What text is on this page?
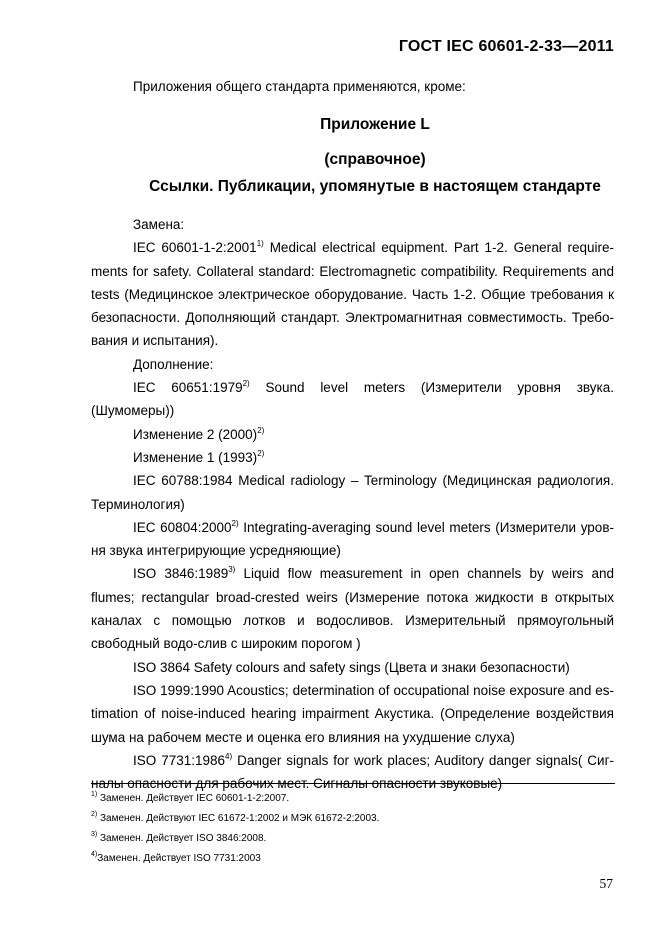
ГОСТ IEC 60601-2-33—2011
Приложения общего стандарта применяются, кроме:
Приложение L
(справочное)
Ссылки. Публикации, упомянутые в настоящем стандарте

Замена:

IEC 60601-1-2:2001$^{1)}$ Medical electrical equipment. Part 1-2. General require-ments for safety. Collateral standard: Electromagnetic compatibility. Requirements and tests (Медицинское электрическое оборудование. Часть 1-2. Общие требования к безопасности. Дополняющий стандарт. Электромагнитная совместимость. Требо-вания и испытания).

Дополнение:

IEC 60651:1979$^{2)}$ Sound level meters (Измерители уровня звука. (Шумомеры))

Изменение 2 $(2000)^{2)}$

Изменение 1 $(1993)^{2)}$

IEC 60788:1984 Medical radiology – Terminology (Медицинская радиология. Терминология)

IEC 60804:2000$^{2)}$ Integrating-averaging sound level meters (Измерители уров-ня звука интегрирующие усредняющие)

ISO 3846:1989$^{3)}$ Liquid flow measurement in open channels by weirs and flumes; rectangular broad-crested weirs (Измерение потока жидкости в открытых каналах с помощью лотков и водосливов. Измерительный прямоугольный свободный водо-слив с широким порогом )

ISO 3864 Safety colours and safety sings (Цвета и знаки безопасности)

ISO 1999:1990 Acoustics; determination of occupational noise exposure and es-timation of noise-induced hearing impairment Акустика. (Определение воздействия шума на рабочем месте и оценка его влияния на ухудшение слуха)

ISO 7731:1986$^{4)}$ Danger signals for work places; Auditory danger signals( Сиг-налы опасности для рабочих мест. Сигналы опасности звуковые)

$^{1)}$ Заменен. Действует IEC 60601-1-2:2007.
$^{2)}$ Заменен. Действуют IEC 61672-1:2002 и МЭК 61672-2:2003.
$^{3)}$ Заменен. Действует ISO 3846:2008.
$^{4)}$Заменен. Действует ISO 7731:2003
57
